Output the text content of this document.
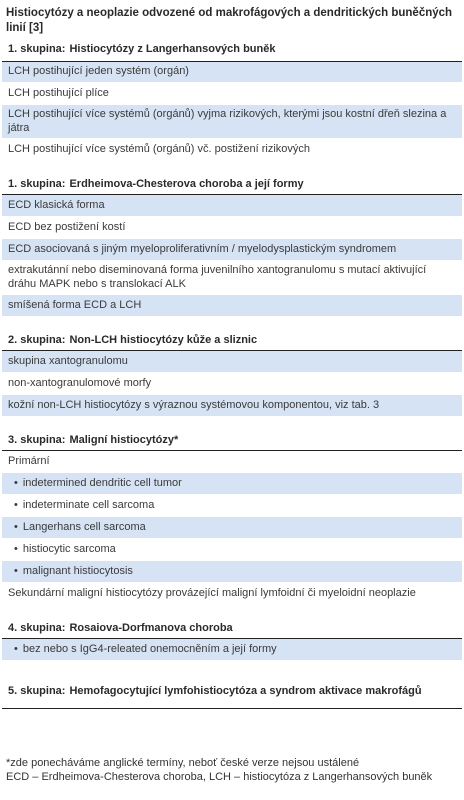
Histiocytózy a neoplazie odvozené od makrofágových a dendritických buněčných linií [3]
1. skupina: Histiocytózy z Langerhansových buněk
LCH postihující jeden systém (orgán)
LCH postihující plíce
LCH postihující více systémů (orgánů) vyjma rizikových, kterými jsou kostní dřeň slezina a játra
LCH postihující více systémů (orgánů) vč. postižení rizikových
1. skupina: Erdheimova-Chesterova choroba a její formy
ECD klasická forma
ECD bez postižení kostí
ECD asociovaná s jiným myeloproliferativním / myelodysplastickým syndromem
extrakutánní nebo diseminovaná forma juvenilního xantogranulomu s mutací aktivující dráhu MAPK nebo s translokací ALK
smíšená forma ECD a LCH
2. skupina: Non-LCH histiocytózy kůže a sliznic
skupina xantogranulomu
non-xantogranulomové morfy
kožní non-LCH histiocytózy s výraznou systémovou komponentou, viz tab. 3
3. skupina: Maligní histiocytózy*
Primární
• indetermined dendritic cell tumor
• indeterminate cell sarcoma
• Langerhans cell sarcoma
• histiocytic sarcoma
• malignant histiocytosis
Sekundární maligní histiocytózy provázející maligní lymfoidní či myeloidní neoplazie
4. skupina: Rosaiova-Dorfmanova choroba
• bez nebo s IgG4-releated onemocněním a její formy
5. skupina: Hemofagocytující lymfohistiocytóza a syndrom aktivace makrofágů
*zde ponecháváme anglické termíny, neboť české verze nejsou ustálené
ECD – Erdheimova-Chesterova choroba, LCH – histiocytóza z Langerhansových buněk
